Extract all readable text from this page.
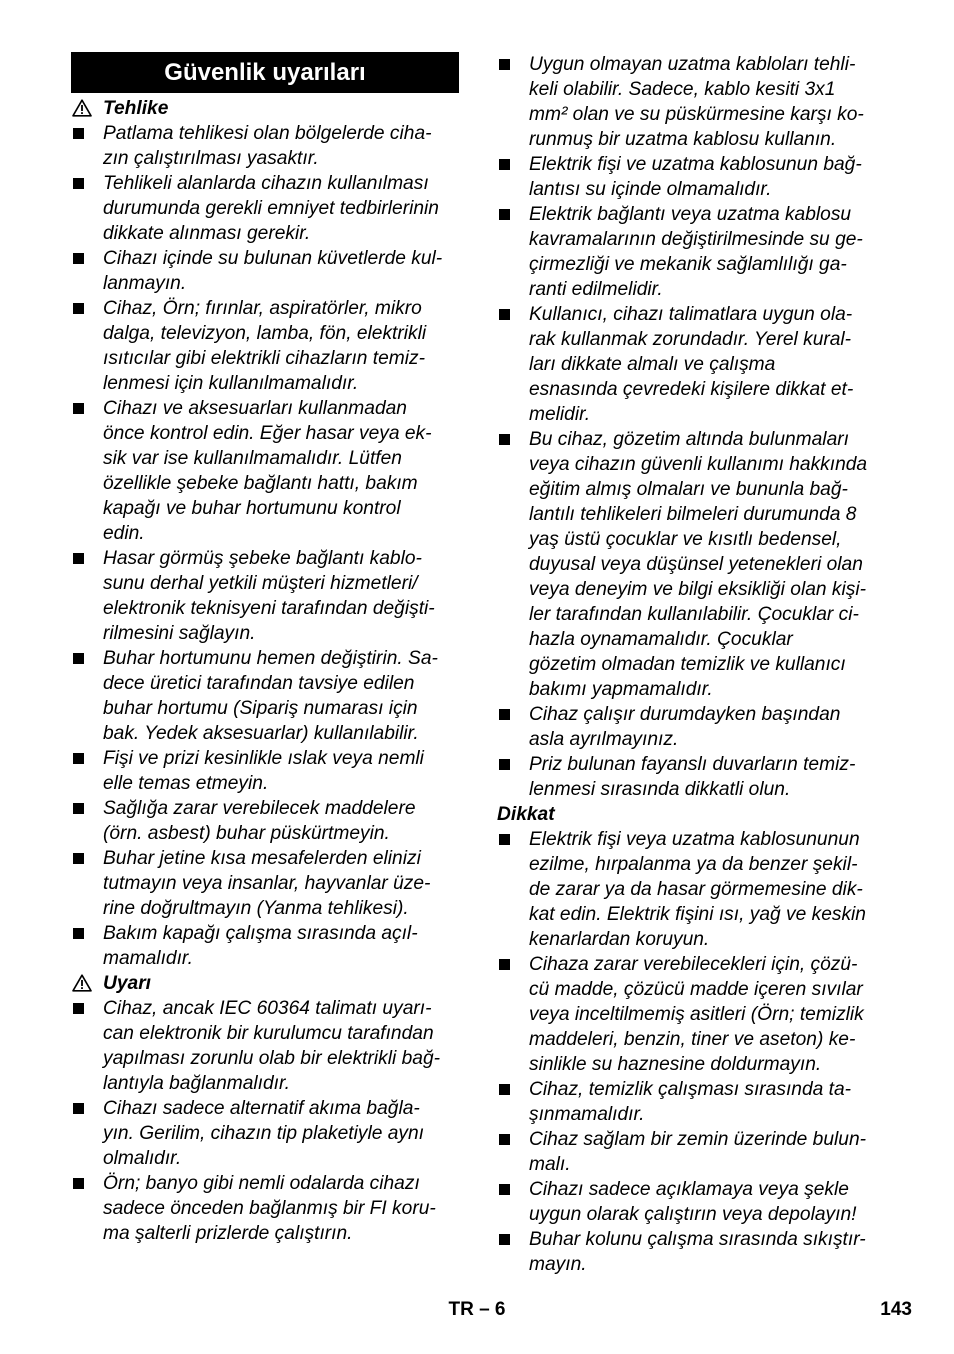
Güvenlik uyarıları
Tehlike
Patlama tehlikesi olan bölgelerde ciha-
zın çalıştırılması yasaktır.
Tehlikeli alanlarda cihazın kullanılması
durumunda gerekli emniyet tedbirlerinin
dikkate alınması gerekir.
Cihazı içinde su bulunan küvetlerde kul-
lanmayın.
Cihaz, Örn; fırınlar, aspiratörler, mikro
dalga, televizyon, lamba, fön, elektrikli
ısıtıcılar gibi elektrikli cihazların temiz-
lenmesi için kullanılmamalıdır.
Cihazı ve aksesuarları kullanmadan
önce kontrol edin. Eğer hasar veya ek-
sik var ise kullanılmamalıdır. Lütfen
özellikle şebeke bağlantı hattı, bakım
kapağı ve buhar hortumunu kontrol
edin.
Hasar görmüş şebeke bağlantı kablo-
sunu derhal yetkili müşteri hizmetleri/
elektronik teknisyeni tarafından değişti-
rilmesini sağlayın.
Buhar hortumunu hemen değiştirin. Sa-
dece üretici tarafından tavsiye edilen
buhar hortumu (Sipariş numarası için
bak. Yedek aksesuarlar) kullanılabilir.
Fişi ve prizi kesinlikle ıslak veya nemli
elle temas etmeyin.
Sağlığa zarar verebilecek maddelere
(örn. asbest) buhar püskürtmeyin.
Buhar jetine kısa mesafelerden elinizi
tutmayın veya insanlar, hayvanlar üze-
rine doğrultmayın (Yanma tehlikesi).
Bakım kapağı çalışma sırasında açıl-
mamalıdır.
Uyarı
Cihaz, ancak IEC 60364 talimatı uyarı-
can elektronik bir kurulumcu tarafından
yapılması zorunlu olab bir elektrikli bağ-
lantıyla bağlanmalıdır.
Cihazı sadece alternatif akıma bağla-
yın. Gerilim, cihazın tip plaketiyle aynı
olmalıdır.
Örn; banyo gibi nemli odalarda cihazı
sadece önceden bağlanmış bir FI koru-
ma şalterli prizlerde çalıştırın.
Uygun olmayan uzatma kabloları tehli-
keli olabilir. Sadece, kablo kesiti 3x1
mm² olan ve su püskürmesine karşı ko-
runmuş bir uzatma kablosu kullanın.
Elektrik fişi ve uzatma kablosunun bağ-
lantısı su içinde olmamalıdır.
Elektrik bağlantı veya uzatma kablosu
kavramalarının değiştirilmesinde su ge-
çirmezliği ve mekanik sağlamlılığı ga-
ranti edilmelidir.
Kullanıcı, cihazı talimatlara uygun ola-
rak kullanmak zorundadır. Yerel kural-
ları dikkate almalı ve çalışma
esnasında çevredeki kişilere dikkat et-
melidir.
Bu cihaz, gözetim altında bulunmaları
veya cihazın güvenli kullanımı hakkında
eğitim almış olmaları ve bununla bağ-
lantılı tehlikeleri bilmeleri durumunda 8
yaş üstü çocuklar ve kısıtlı bedensel,
duyusal veya düşünsel yetenekleri olan
veya deneyim ve bilgi eksikliği olan kişi-
ler tarafından kullanılabilir. Çocuklar ci-
hazla oynamamalıdır. Çocuklar
gözetim olmadan temizlik ve kullanıcı
bakımı yapmamalıdır.
Cihaz çalışır durumdayken başından
asla ayrılmayınız.
Priz bulunan fayanslı duvarların temiz-
lenmesi sırasında dikkatli olun.
Dikkat
Elektrik fişi veya uzatma kablosununun
ezilme, hırpalanma ya da benzer şekil-
de zarar ya da hasar görmemesine dik-
kat edin. Elektrik fişini ısı, yağ ve keskin
kenarlardan koruyun.
Cihaza zarar verebilecekleri için, çözü-
cü madde, çözücü madde içeren sıvılar
veya inceltilmemiş asitleri (Örn; temizlik
maddeleri, benzin, tiner ve aseton) ke-
sinlikle su haznesine doldurmayın.
Cihaz, temizlik çalışması sırasında ta-
şınmamalıdır.
Cihaz sağlam bir zemin üzerinde bulun-
malı.
Cihazı sadece açıklamaya veya şekle
uygun olarak çalıştırın veya depolayın!
Buhar kolunu çalışma sırasında sıkıştır-
mayın.
TR – 6	143
